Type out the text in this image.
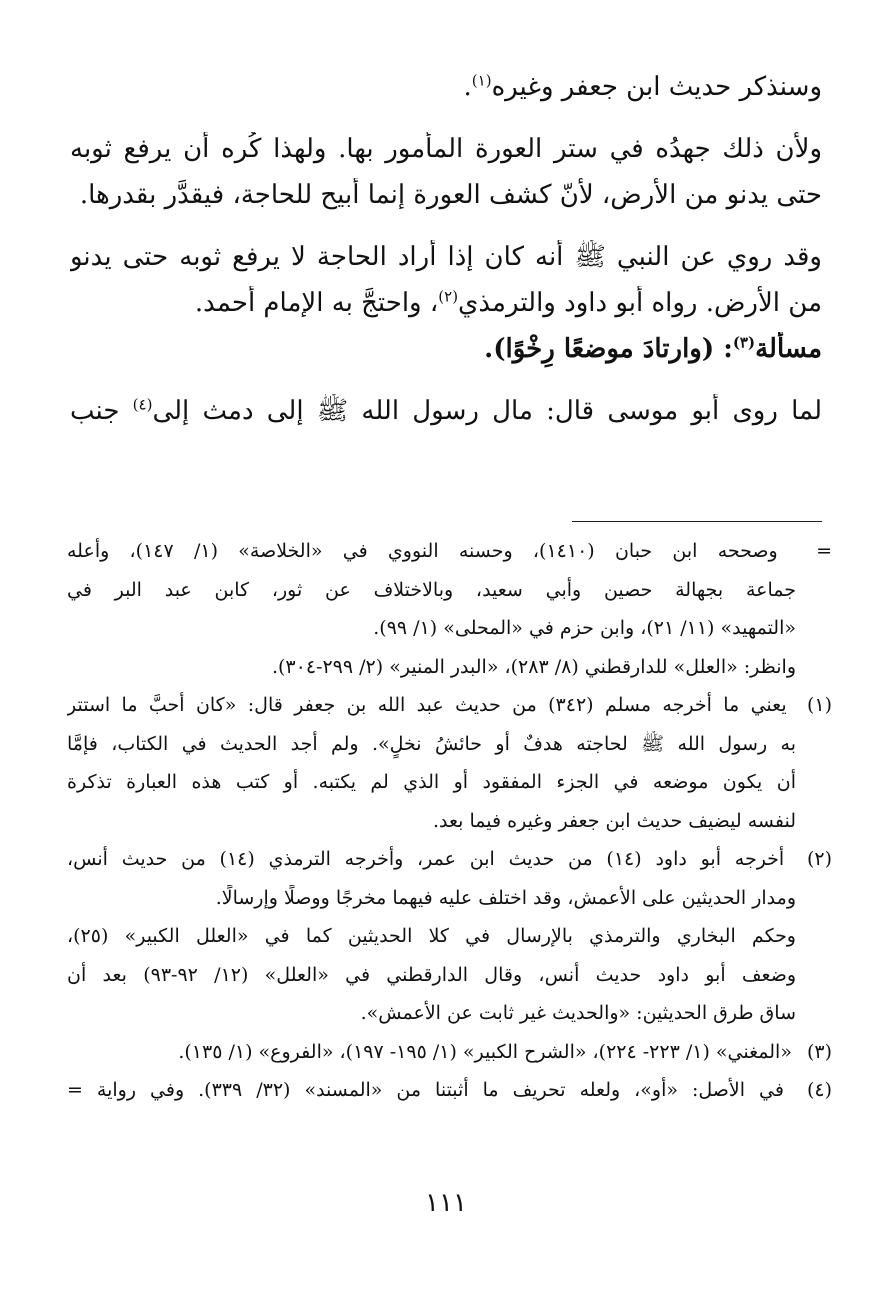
وسنذكر حديث ابن جعفر وغيره$^{(١)}$.
ولأن ذلك جهدُه في ستر العورة المأمور بها. ولهذا كُره أن يرفع ثوبه
حتى يدنو من الأرض، لأنّ كشف العورة إنما أبيح للحاجة، فيقدَّر بقدرها.
وقد روي عن النبي ﷺ أنه كان إذا أراد الحاجة لا يرفع ثوبه حتى يدنو
من الأرض. رواه أبو داود والترمذي$^{(٢)}$، واحتجَّ به الإمام أحمد.
مسألة$^{(٣)}$: (وارتادَ موضعًا رِخْوًا).
لما روى أبو موسى قال: مال رسول الله ﷺ إلى دمث إلى$^{(٤)}$ جنب
= وصححه ابن حبان (١٤١٠)، وحسنه النووي في «الخلاصة» (١/ ١٤٧)، وأعله
جماعة بجهالة حصين وأبي سعيد، وبالاختلاف عن ثور، كابن عبد البر في
«التمهيد» (١١/ ٢١)، وابن حزم في «المحلى» (١/ ٩٩).
وانظر: «العلل» للدارقطني (٨/ ٢٨٣)، «البدر المنير» (٢/ ٢٩٩-٣٠٤).
(١) يعني ما أخرجه مسلم (٣٤٢) من حديث عبد الله بن جعفر قال: «كان أحبَّ ما استتر
به رسول الله ﷺ لحاجته هدفٌ أو حائشُ نخلٍ». ولم أجد الحديث في الكتاب، فإمَّا
أن يكون موضعه في الجزء المفقود أو الذي لم يكتبه. أو كتب هذه العبارة تذكرة
لنفسه ليضيف حديث ابن جعفر وغيره فيما بعد.
(٢) أخرجه أبو داود (١٤) من حديث ابن عمر، وأخرجه الترمذي (١٤) من حديث أنس،
ومدار الحديثين على الأعمش، وقد اختلف عليه فيهما مخرجًا ووصلًا وإرسالًا.
وحكم البخاري والترمذي بالإرسال في كلا الحديثين كما في «العلل الكبير» (٢٥)،
وضعف أبو داود حديث أنس، وقال الدارقطني في «العلل» (١٢/ ٩٢-٩٣) بعد أن
ساق طرق الحديثين: «والحديث غير ثابت عن الأعمش».
(٣) «المغني» (١/ ٢٢٣- ٢٢٤)، «الشرح الكبير» (١/ ١٩٥- ١٩٧)، «الفروع» (١/ ١٣٥).
(٤) في الأصل: «أو»، ولعله تحريف ما أثبتنا من «المسند» (٣٢/ ٣٣٩). وفي رواية =
١١١
